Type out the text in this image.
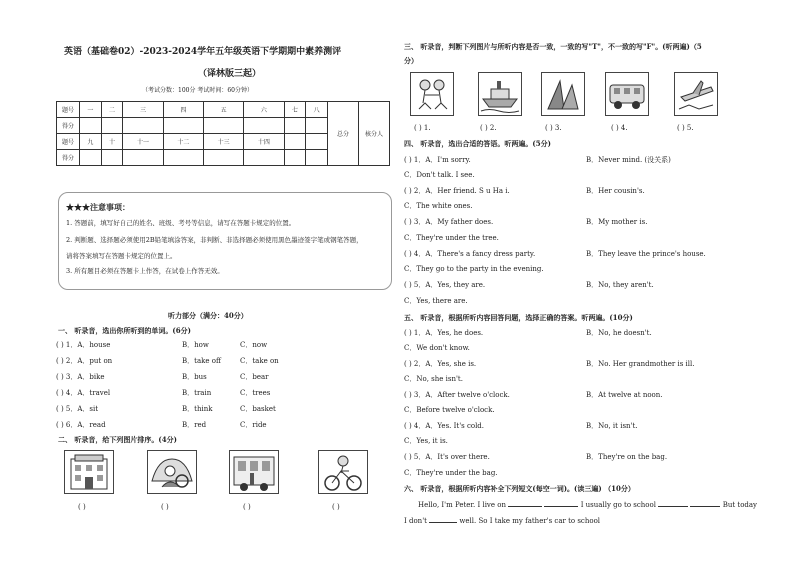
英语（基础卷02）-2023-2024学年五年级英语下学期期中素养测评
（译林版三起）
（考试分数：100分 考试时间：60分钟）
题号	一	二	三	四	五	六	七	八	总分	核分人
得分										
题号	九	十	十一	十二	十三	十四				
得分										
★★★注意事项：
1. 答题前，填写好自己的姓名、班级、考号等信息，请写在答题卡规定的位置。
2. 判断题、选择题必须使用2B铅笔填涂答案，非判断、非选择题必须使用黑色墨迹签字笔或钢笔答题，
请将答案填写在答题卡规定的位置上。
3. 所有题目必须在答题卡上作答，在试卷上作答无效。
听力部分（满分：40分）
一、 听录音，选出你所听到的单词。(6分)
( ) 1．A．house	B．how	C．now
( ) 2．A．put on	B．take off	C．take on
( ) 3．A．bike	B．bus	C．bear
( ) 4．A．travel	B．train	C．trees
( ) 5．A．sit	B．think	C．basket
( ) 6．A．read	B．red	C．ride
二、 听录音，给下列图片排序。(4分)
( )	( )	( )	( )
三、 听录音，判断下列图片与所听内容是否一致，一致的写"T"，不一致的写"F"。(听两遍)（5
分）
( ) 1.	( ) 2.	( ) 3.	( ) 4.	( ) 5.
四、 听录音，选出合适的答语。听两遍。(5分)
( ) 1．A．I'm sorry.	B．Never mind. (没关系)
C．Don't talk. I see.
( ) 2．A．Her friend. S u Ha i.	B．Her cousin's.
C．The white ones.
( ) 3．A．My father does.	B．My mother is.
C．They're under the tree.
( ) 4．A．There's a fancy dress party.	B．They leave the prince's house.
C．They go to the party in the evening.
( ) 5．A．Yes, they are.	B．No, they aren't.
C．Yes, there are.
五、 听录音，根据所听内容回答问题，选择正确的答案。听两遍。(10分)
( ) 1．A．Yes, he does.	B．No, he doesn't.
C．We don't know.
( ) 2．A．Yes, she is.	B．No. Her grandmother is ill.
C．No, she isn't.
( ) 3．A．After twelve o'clock.	B．At twelve at noon.
C．Before twelve o'clock.
( ) 4．A．Yes. It's cold.	B．No, it isn't.
C．Yes, it is.
( ) 5．A．It's over there.	B．They're on the bag.
C．They're under the bag.
六、 听录音，根据所听内容补全下列短文(每空一词)。(读三遍) （10分）
Hello, I'm Peter. I live on	I usually go to school	But today
I don't	well. So I take my father's car to school
